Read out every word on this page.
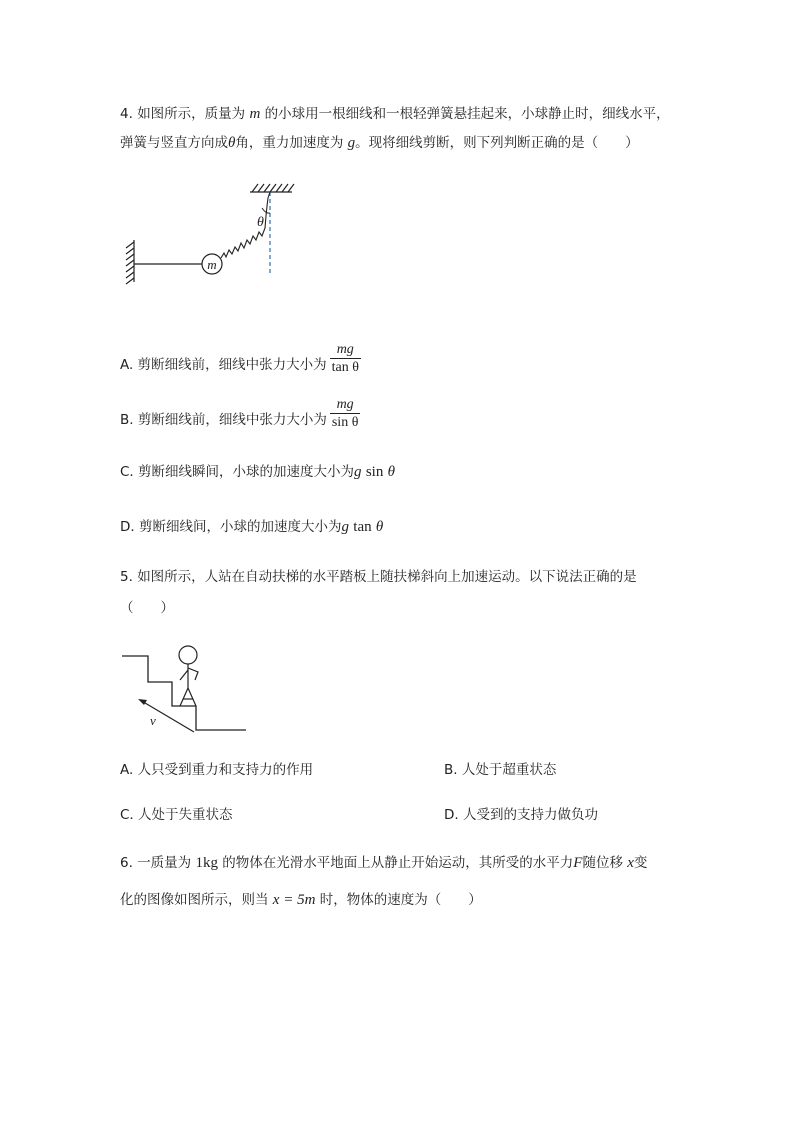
4. 如图所示，质量为 m 的小球用一根细线和一根轻弹簧悬挂起来，小球静止时，细线水平，
弹簧与竖直方向成θ角，重力加速度为 g。现将细线剪断，则下列判断正确的是（　　）
m
θ
A. 剪断细线前，细线中张力大小为 $\frac{mg}{\text{tan θ}}$
B. 剪断细线前，细线中张力大小为 $\frac{mg}{\text{sin θ}}$
C. 剪断细线瞬间，小球的加速度大小为g sin θ
D. 剪断细线间，小球的加速度大小为g tan θ
5. 如图所示，人站在自动扶梯的水平踏板上随扶梯斜向上加速运动。以下说法正确的是
（　　）
v
A. 人只受到重力和支持力的作用	B. 人处于超重状态
C. 人处于失重状态	D. 人受到的支持力做负功
6. 一质量为 1kg 的物体在光滑水平地面上从静止开始运动，其所受的水平力F随位移 x变
化的图像如图所示，则当 x = 5m 时，物体的速度为（　　）
